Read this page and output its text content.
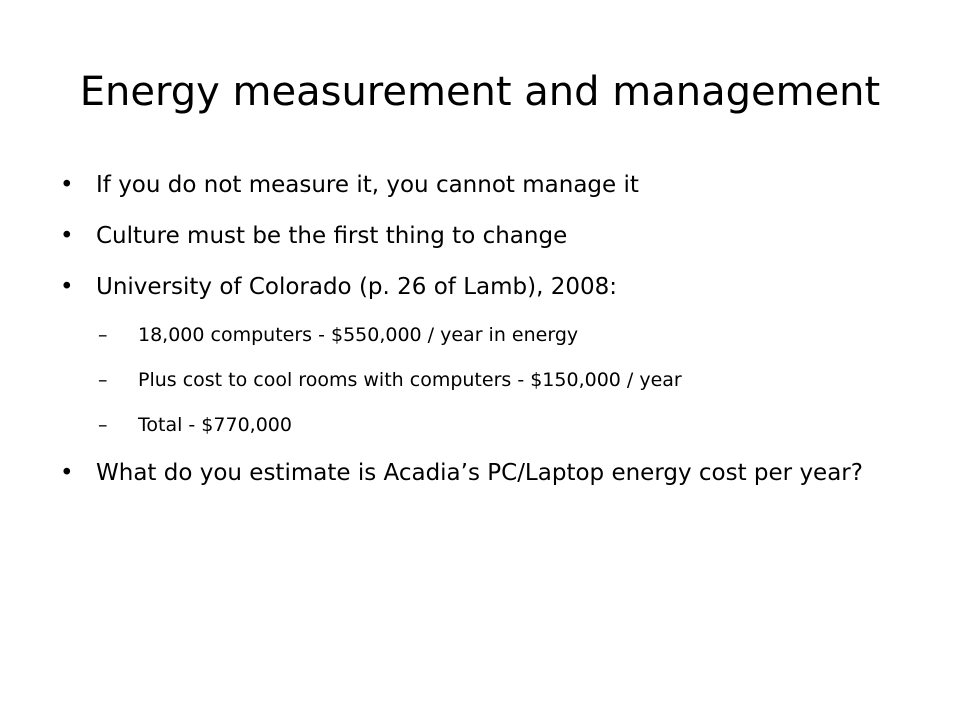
Energy measurement and management
• If you do not measure it, you cannot manage it
• Culture must be the first thing to change
• University of Colorado (p. 26 of Lamb), 2008:
– 18,000 computers - $550,000 / year in energy
– Plus cost to cool rooms with computers - $150,000 / year
– Total - $770,000
• What do you estimate is Acadia’s PC/Laptop energy cost per year?
